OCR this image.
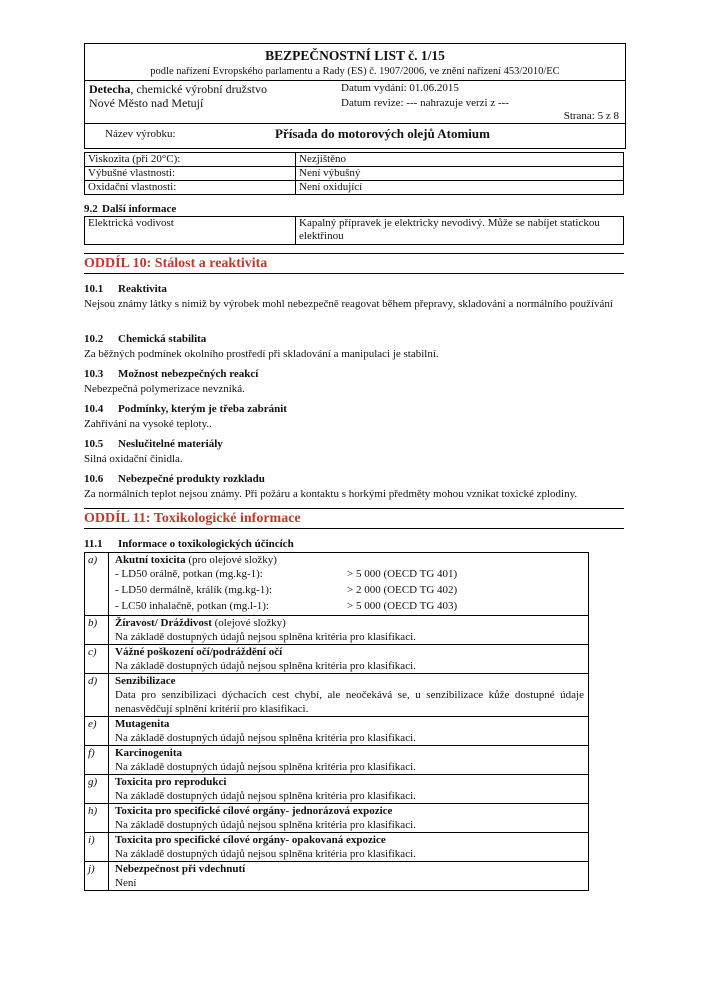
BEZPEČNOSTNÍ LIST č. 1/15
podle nařízení Evropského parlamentu a Rady (ES) č. 1907/2006, ve znění nařízení 453/2010/EC
Detecha, chemické výrobní družstvo
Nové Město nad Metují
Datum vydání: 01.06.2015
Datum revize: --- nahrazuje verzi z ---
Strana: 5 z 8
Název výrobku:	Přísada do motorových olejů Atomium
Viskozita (při 20°C):	Nezjištěno
Výbušné vlastnosti:	Není výbušný
Oxidační vlastnosti:	Není oxidující
9.2 Další informace
Elektrická vodivost	Kapalný přípravek je elektricky nevodivý. Může se nabíjet statickou elektřinou
ODDÍL 10: Stálost a reaktivita
10.1 Reaktivita
Nejsou známy látky s nimiž by výrobek mohl nebezpečně reagovat během přepravy, skladování a normálního používání
10.2 Chemická stabilita
Za běžných podmínek okolního prostředí při skladování a manipulaci je stabilní.
10.3 Možnost nebezpečných reakcí
Nebezpečná polymerizace nevzniká.
10.4 Podmínky, kterým je třeba zabránit
Zahřívání na vysoké teploty..
10.5 Neslučitelné materiály
Silná oxidační činidla.
10.6 Nebezpečné produkty rozkladu
Za normálních teplot nejsou známy. Při požáru a kontaktu s horkými předměty mohou vznikat toxické zplodiny.
ODDÍL 11: Toxikologické informace
11.1 Informace o toxikologických účincích
a)	Akutní toxicita (pro olejové složky)
- LD50 orálně, potkan (mg.kg-1):	> 5 000 (OECD TG 401)
- LD50 dermálně, králík (mg.kg-1):	> 2 000 (OECD TG 402)
- LC50 inhalačně, potkan (mg.l-1):	> 5 000 (OECD TG 403)
b)	Žíravost/ Dráždivost (olejové složky)
Na základě dostupných údajů nejsou splněna kritéria pro klasifikaci.
c)	Vážné poškození očí/podráždění očí
Na základě dostupných údajů nejsou splněna kritéria pro klasifikaci.
d)	Senzibilizace
Data pro senzibilizaci dýchacích cest chybí, ale neočekává se, u senzibilizace kůže dostupné údaje nenasvědčují splnění kritérií pro klasifikaci.
e)	Mutagenita
Na základě dostupných údajů nejsou splněna kritéria pro klasifikaci.
f)	Karcinogenita
Na základě dostupných údajů nejsou splněna kritéria pro klasifikaci.
g)	Toxicita pro reprodukci
Na základě dostupných údajů nejsou splněna kritéria pro klasifikaci.
h)	Toxicita pro specifické cílové orgány- jednorázová expozice
Na základě dostupných údajů nejsou splněna kritéria pro klasifikaci.
i)	Toxicita pro specifické cílové orgány- opakovaná expozice
Na základě dostupných údajů nejsou splněna kritéria pro klasifikaci.
j)	Nebezpečnost při vdechnutí
Není
